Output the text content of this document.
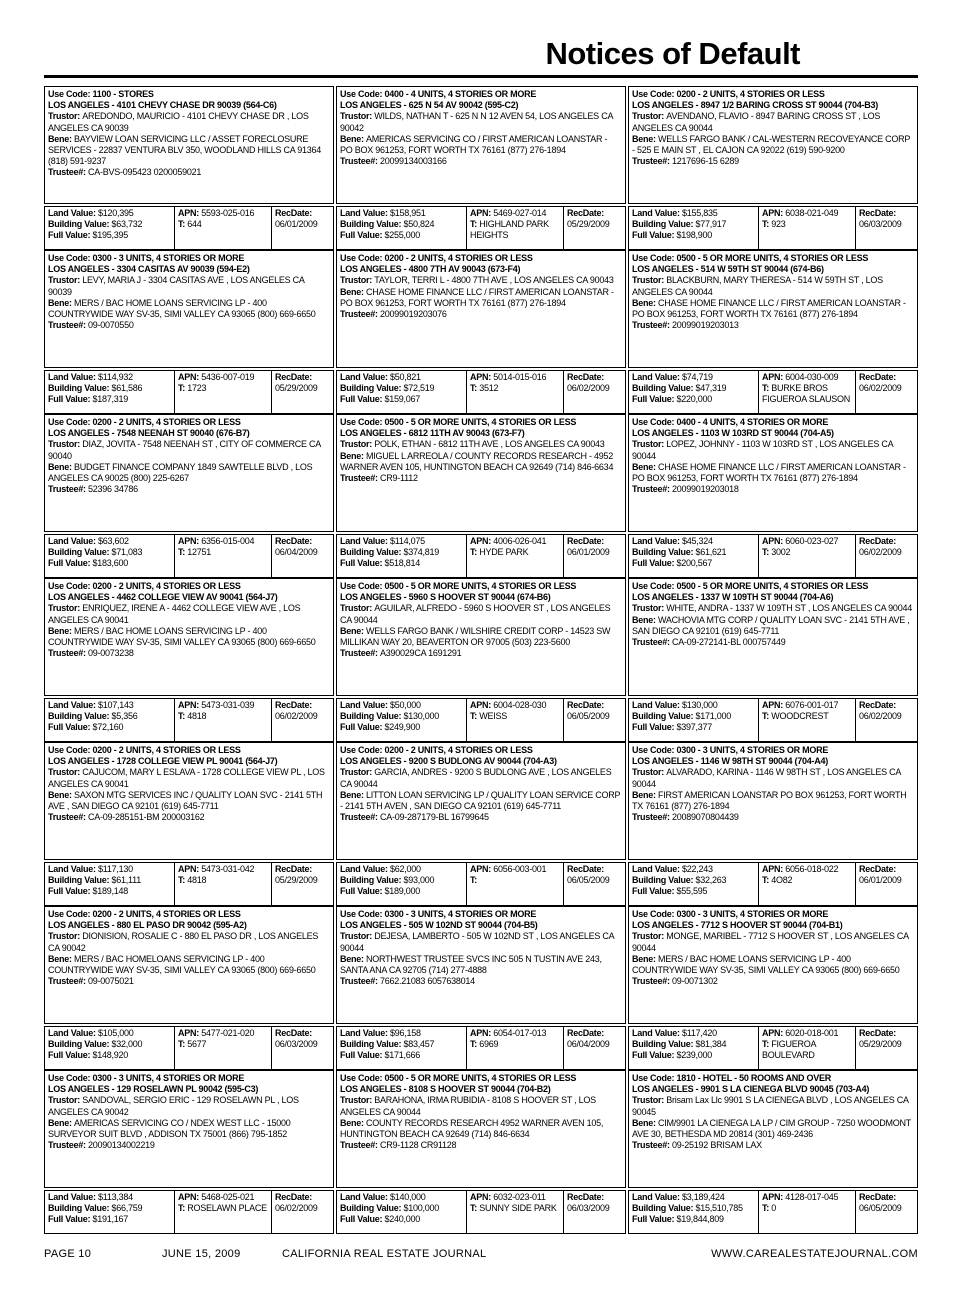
Notices of Default
Use Code: 1100 - STORES
LOS ANGELES - 4101 CHEVY CHASE DR 90039 (564-C6)
Trustor: AREDONDO, MAURICIO - 4101 CHEVY CHASE DR , LOS ANGELES CA 90039
Bene: BAYVIEW LOAN SERVICING LLC / ASSET FORECLOSURE SERVICES - 22837 VENTURA BLV 350, WOODLAND HILLS CA 91364 (818) 591-9237
Trustee#: CA-BVS-095423 0200059021
Land Value: $120,395
Building Value: $63,732
Full Value: $195,395
APN: 5593-025-016
T: 644
RecDate:
06/01/2009
Use Code: 0400 - 4 UNITS, 4 STORIES OR MORE
LOS ANGELES - 625 N 54 AV 90042 (595-C2)
Trustor: WILDS, NATHAN T - 625 N N 12 AVEN 54, LOS ANGELES CA 90042
Bene: AMERICAS SERVICING CO / FIRST AMERICAN LOANSTAR - PO BOX 961253, FORT WORTH TX 76161 (877) 276-1894
Trustee#: 20099134003166
Land Value: $158,951
Building Value: $50,824
Full Value: $255,000
APN: 5469-027-014
T: HIGHLAND PARK HEIGHTS
RecDate:
05/29/2009
Use Code: 0200 - 2 UNITS, 4 STORIES OR LESS
LOS ANGELES - 8947 1/2 BARING CROSS ST 90044 (704-B3)
Trustor: AVENDANO, FLAVIO - 8947 BARING CROSS ST , LOS ANGELES CA 90044
Bene: WELLS FARGO BANK / CAL-WESTERN RECOVEYANCE CORP - 525 E MAIN ST , EL CAJON CA 92022 (619) 590-9200
Trustee#: 1217696-15 6289
Land Value: $155,835
Building Value: $77,917
Full Value: $198,900
APN: 6038-021-049
T: 923
RecDate:
06/03/2009
Use Code: 0300 - 3 UNITS, 4 STORIES OR MORE
LOS ANGELES - 3304 CASITAS AV 90039 (594-E2)
Trustor: LEVY, MARIA J - 3304 CASITAS AVE , LOS ANGELES CA 90039
Bene: MERS / BAC HOME LOANS SERVICING LP - 400 COUNTRYWIDE WAY SV-35, SIMI VALLEY CA 93065 (800) 669-6650
Trustee#: 09-0070550
Land Value: $114,932
Building Value: $61,586
Full Value: $187,319
APN: 5436-007-019
T: 1723
RecDate:
05/29/2009
Use Code: 0200 - 2 UNITS, 4 STORIES OR LESS
LOS ANGELES - 4800 7TH AV 90043 (673-F4)
Trustor: TAYLOR, TERRI L - 4800 7TH AVE , LOS ANGELES CA 90043
Bene: CHASE HOME FINANCE LLC / FIRST AMERICAN LOANSTAR - PO BOX 961253, FORT WORTH TX 76161 (877) 276-1894
Trustee#: 20099019203076
Land Value: $50,821
Building Value: $72,519
Full Value: $159,067
APN: 5014-015-016
T: 3512
RecDate:
06/02/2009
Use Code: 0500 - 5 OR MORE UNITS, 4 STORIES OR LESS
LOS ANGELES - 514 W 59TH ST 90044 (674-B6)
Trustor: BLACKBURN, MARY THERESA - 514 W 59TH ST , LOS ANGELES CA 90044
Bene: CHASE HOME FINANCE LLC / FIRST AMERICAN LOANSTAR - PO BOX 961253, FORT WORTH TX 76161 (877) 276-1894
Trustee#: 20099019203013
Land Value: $74,719
Building Value: $47,319
Full Value: $220,000
APN: 6004-030-009
T: BURKE BROS FIGUEROA SLAUSON
RecDate:
06/02/2009
Use Code: 0200 - 2 UNITS, 4 STORIES OR LESS
LOS ANGELES - 7548 NEENAH ST 90040 (676-B7)
Trustor: DIAZ, JOVITA - 7548 NEENAH ST , CITY OF COMMERCE CA 90040
Bene: BUDGET FINANCE COMPANY 1849 SAWTELLE BLVD , LOS ANGELES CA 90025 (800) 225-6267
Trustee#: 52396 34786
Land Value: $63,602
Building Value: $71,083
Full Value: $183,600
APN: 6356-015-004
T: 12751
RecDate:
06/04/2009
Use Code: 0500 - 5 OR MORE UNITS, 4 STORIES OR LESS
LOS ANGELES - 6812 11TH AV 90043 (673-F7)
Trustor: POLK, ETHAN - 6812 11TH AVE , LOS ANGELES CA 90043
Bene: MIGUEL L ARREOLA / COUNTY RECORDS RESEARCH - 4952 WARNER AVEN 105, HUNTINGTON BEACH CA 92649 (714) 846-6634
Trustee#: CR9-1112
Land Value: $114,075
Building Value: $374,819
Full Value: $518,814
APN: 4006-026-041
T: HYDE PARK
RecDate:
06/01/2009
Use Code: 0400 - 4 UNITS, 4 STORIES OR MORE
LOS ANGELES - 1103 W 103RD ST 90044 (704-A5)
Trustor: LOPEZ, JOHNNY - 1103 W 103RD ST , LOS ANGELES CA 90044
Bene: CHASE HOME FINANCE LLC / FIRST AMERICAN LOANSTAR - PO BOX 961253, FORT WORTH TX 76161 (877) 276-1894
Trustee#: 20099019203018
Land Value: $45,324
Building Value: $61,621
Full Value: $200,567
APN: 6060-023-027
T: 3002
RecDate:
06/02/2009
Use Code: 0200 - 2 UNITS, 4 STORIES OR LESS
LOS ANGELES - 4462 COLLEGE VIEW AV 90041 (564-J7)
Trustor: ENRIQUEZ, IRENE A - 4462 COLLEGE VIEW AVE , LOS ANGELES CA 90041
Bene: MERS / BAC HOME LOANS SERVICING LP - 400 COUNTRYWIDE WAY SV-35, SIMI VALLEY CA 93065 (800) 669-6650
Trustee#: 09-0073238
Land Value: $107,143
Building Value: $5,356
Full Value: $72,160
APN: 5473-031-039
T: 4818
RecDate:
06/02/2009
Use Code: 0500 - 5 OR MORE UNITS, 4 STORIES OR LESS
LOS ANGELES - 5960 S HOOVER ST 90044 (674-B6)
Trustor: AGUILAR, ALFREDO - 5960 S HOOVER ST , LOS ANGELES CA 90044
Bene: WELLS FARGO BANK / WILSHIRE CREDIT CORP - 14523 SW MILLIKAN WAY 20, BEAVERTON OR 97005 (503) 223-5600
Trustee#: A390029CA 1691291
Land Value: $50,000
Building Value: $130,000
Full Value: $249,900
APN: 6004-028-030
T: WEISS
RecDate:
06/05/2009
Use Code: 0500 - 5 OR MORE UNITS, 4 STORIES OR LESS
LOS ANGELES - 1337 W 109TH ST 90044 (704-A6)
Trustor: WHITE, ANDRA - 1337 W 109TH ST , LOS ANGELES CA 90044
Bene: WACHOVIA MTG CORP / QUALITY LOAN SVC - 2141 5TH AVE , SAN DIEGO CA 92101 (619) 645-7711
Trustee#: CA-09-272141-BL 000757449
Land Value: $130,000
Building Value: $171,000
Full Value: $397,377
APN: 6076-001-017
T: WOODCREST
RecDate:
06/02/2009
Use Code: 0200 - 2 UNITS, 4 STORIES OR LESS
LOS ANGELES - 1728 COLLEGE VIEW PL 90041 (564-J7)
Trustor: CAJUCOM, MARY L ESLAVA - 1728 COLLEGE VIEW PL , LOS ANGELES CA 90041
Bene: SAXON MTG SERVICES INC / QUALITY LOAN SVC - 2141 5TH AVE , SAN DIEGO CA 92101 (619) 645-7711
Trustee#: CA-09-285151-BM 200003162
Land Value: $117,130
Building Value: $61,111
Full Value: $189,148
APN: 5473-031-042
T: 4818
RecDate:
05/29/2009
Use Code: 0200 - 2 UNITS, 4 STORIES OR LESS
LOS ANGELES - 9200 S BUDLONG AV 90044 (704-A3)
Trustor: GARCIA, ANDRES - 9200 S BUDLONG AVE , LOS ANGELES CA 90044
Bene: LITTON LOAN SERVICING LP / QUALITY LOAN SERVICE CORP - 2141 5TH AVEN , SAN DIEGO CA 92101 (619) 645-7711
Trustee#: CA-09-287179-BL 16799645
Land Value: $62,000
Building Value: $93,000
Full Value: $189,000
APN: 6056-003-001
T:
RecDate:
06/05/2009
Use Code: 0300 - 3 UNITS, 4 STORIES OR MORE
LOS ANGELES - 1146 W 98TH ST 90044 (704-A4)
Trustor: ALVARADO, KARINA - 1146 W 98TH ST , LOS ANGELES CA 90044
Bene: FIRST AMERICAN LOANSTAR PO BOX 961253, FORT WORTH TX 76161 (877) 276-1894
Trustee#: 20089070804439
Land Value: $22,243
Building Value: $32,263
Full Value: $55,595
APN: 6056-018-022
T: 4O82
RecDate:
06/01/2009
Use Code: 0200 - 2 UNITS, 4 STORIES OR LESS
LOS ANGELES - 880 EL PASO DR 90042 (595-A2)
Trustor: DIONISION, ROSALIE C - 880 EL PASO DR , LOS ANGELES CA 90042
Bene: MERS / BAC HOMELOANS SERVICING LP - 400 COUNTRYWIDE WAY SV-35, SIMI VALLEY CA 93065 (800) 669-6650
Trustee#: 09-0075021
Land Value: $105,000
Building Value: $32,000
Full Value: $148,920
APN: 5477-021-020
T: 5677
RecDate:
06/03/2009
Use Code: 0300 - 3 UNITS, 4 STORIES OR MORE
LOS ANGELES - 505 W 102ND ST 90044 (704-B5)
Trustor: DEJESA, LAMBERTO - 505 W 102ND ST , LOS ANGELES CA 90044
Bene: NORTHWEST TRUSTEE SVCS INC 505 N TUSTIN AVE 243, SANTA ANA CA 92705 (714) 277-4888
Trustee#: 7662.21083 6057638014
Land Value: $96,158
Building Value: $83,457
Full Value: $171,666
APN: 6054-017-013
T: 6969
RecDate:
06/04/2009
Use Code: 0300 - 3 UNITS, 4 STORIES OR MORE
LOS ANGELES - 7712 S HOOVER ST 90044 (704-B1)
Trustor: MONGE, MARIBEL - 7712 S HOOVER ST , LOS ANGELES CA 90044
Bene: MERS / BAC HOME LOANS SERVICING LP - 400 COUNTRYWIDE WAY SV-35, SIMI VALLEY CA 93065 (800) 669-6650
Trustee#: 09-0071302
Land Value: $117,420
Building Value: $81,384
Full Value: $239,000
APN: 6020-018-001
T: FIGUEROA BOULEVARD
RecDate:
05/29/2009
Use Code: 0300 - 3 UNITS, 4 STORIES OR MORE
LOS ANGELES - 129 ROSELAWN PL 90042 (595-C3)
Trustor: SANDOVAL, SERGIO ERIC - 129 ROSELAWN PL , LOS ANGELES CA 90042
Bene: AMERICAS SERVICING CO / NDEX WEST LLC - 15000 SURVEYOR SUIT BLVD , ADDISON TX 75001 (866) 795-1852
Trustee#: 20090134002219
Land Value: $113,384
Building Value: $66,759
Full Value: $191,167
APN: 5468-025-021
T: ROSELAWN PLACE
RecDate:
06/02/2009
Use Code: 0500 - 5 OR MORE UNITS, 4 STORIES OR LESS
LOS ANGELES - 8108 S HOOVER ST 90044 (704-B2)
Trustor: BARAHONA, IRMA RUBIDIA - 8108 S HOOVER ST , LOS ANGELES CA 90044
Bene: COUNTY RECORDS RESEARCH 4952 WARNER AVEN 105, HUNTINGTON BEACH CA 92649 (714) 846-6634
Trustee#: CR9-1128 CR91128
Land Value: $140,000
Building Value: $100,000
Full Value: $240,000
APN: 6032-023-011
T: SUNNY SIDE PARK
RecDate:
06/03/2009
Use Code: 1810 - HOTEL - 50 ROOMS AND OVER
LOS ANGELES - 9901 S LA CIENEGA BLVD 90045 (703-A4)
Trustor: Brisam Lax Llc 9901 S LA CIENEGA BLVD , LOS ANGELES CA 90045
Bene: CIM/9901 LA CIENEGA LA LP / CIM GROUP - 7250 WOODMONT AVE 30, BETHESDA MD 20814 (301) 469-2436
Trustee#: 09-25192 BRISAM LAX
Land Value: $3,189,424
Building Value: $15,510,785
Full Value: $19,844,809
APN: 4128-017-045
T: 0
RecDate:
06/05/2009
PAGE 10	JUNE 15, 2009	CALIFORNIA REAL ESTATE JOURNAL	WWW.CAREALESTATEJOURNAL.COM
